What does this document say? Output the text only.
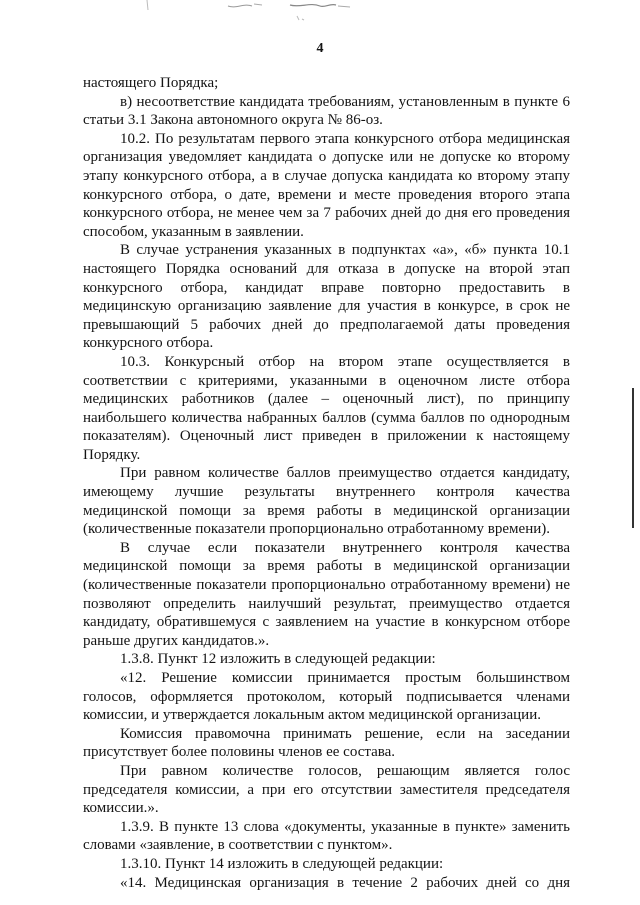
4

настоящего Порядка;

в) несоответствие кандидата требованиям, установленным в пункте 6 статьи 3.1 Закона автономного округа № 86-оз.

10.2. По результатам первого этапа конкурсного отбора медицинская организация уведомляет кандидата о допуске или не допуске ко второму этапу конкурсного отбора, а в случае допуска кандидата ко второму этапу конкурсного отбора, о дате, времени и месте проведения второго этапа конкурсного отбора, не менее чем за 7 рабочих дней до дня его проведения способом, указанным в заявлении.

В случае устранения указанных в подпунктах «а», «б» пункта 10.1 настоящего Порядка оснований для отказа в допуске на второй этап конкурсного отбора, кандидат вправе повторно предоставить в медицинскую организацию заявление для участия в конкурсе, в срок не превышающий 5 рабочих дней до предполагаемой даты проведения конкурсного отбора.

10.3. Конкурсный отбор на втором этапе осуществляется в соответствии с критериями, указанными в оценочном листе отбора медицинских работников (далее – оценочный лист), по принципу наибольшего количества набранных баллов (сумма баллов по однородным показателям). Оценочный лист приведен в приложении к настоящему Порядку.

При равном количестве баллов преимущество отдается кандидату, имеющему лучшие результаты внутреннего контроля качества медицинской помощи за время работы в медицинской организации (количественные показатели пропорционально отработанному времени).

В случае если показатели внутреннего контроля качества медицинской помощи за время работы в медицинской организации (количественные показатели пропорционально отработанному времени) не позволяют определить наилучший результат, преимущество отдается кандидату, обратившемуся с заявлением на участие в конкурсном отборе раньше других кандидатов.».

1.3.8. Пункт 12 изложить в следующей редакции:

«12. Решение комиссии принимается простым большинством голосов, оформляется протоколом, который подписывается членами комиссии, и утверждается локальным актом медицинской организации.

Комиссия правомочна принимать решение, если на заседании присутствует более половины членов ее состава.

При равном количестве голосов, решающим является голос председателя комиссии, а при его отсутствии заместителя председателя комиссии.».

1.3.9. В пункте 13 слова «документы, указанные в пункте» заменить словами «заявление, в соответствии с пунктом».

1.3.10. Пункт 14 изложить в следующей редакции:

«14. Медицинская организация в течение 2 рабочих дней со дня
